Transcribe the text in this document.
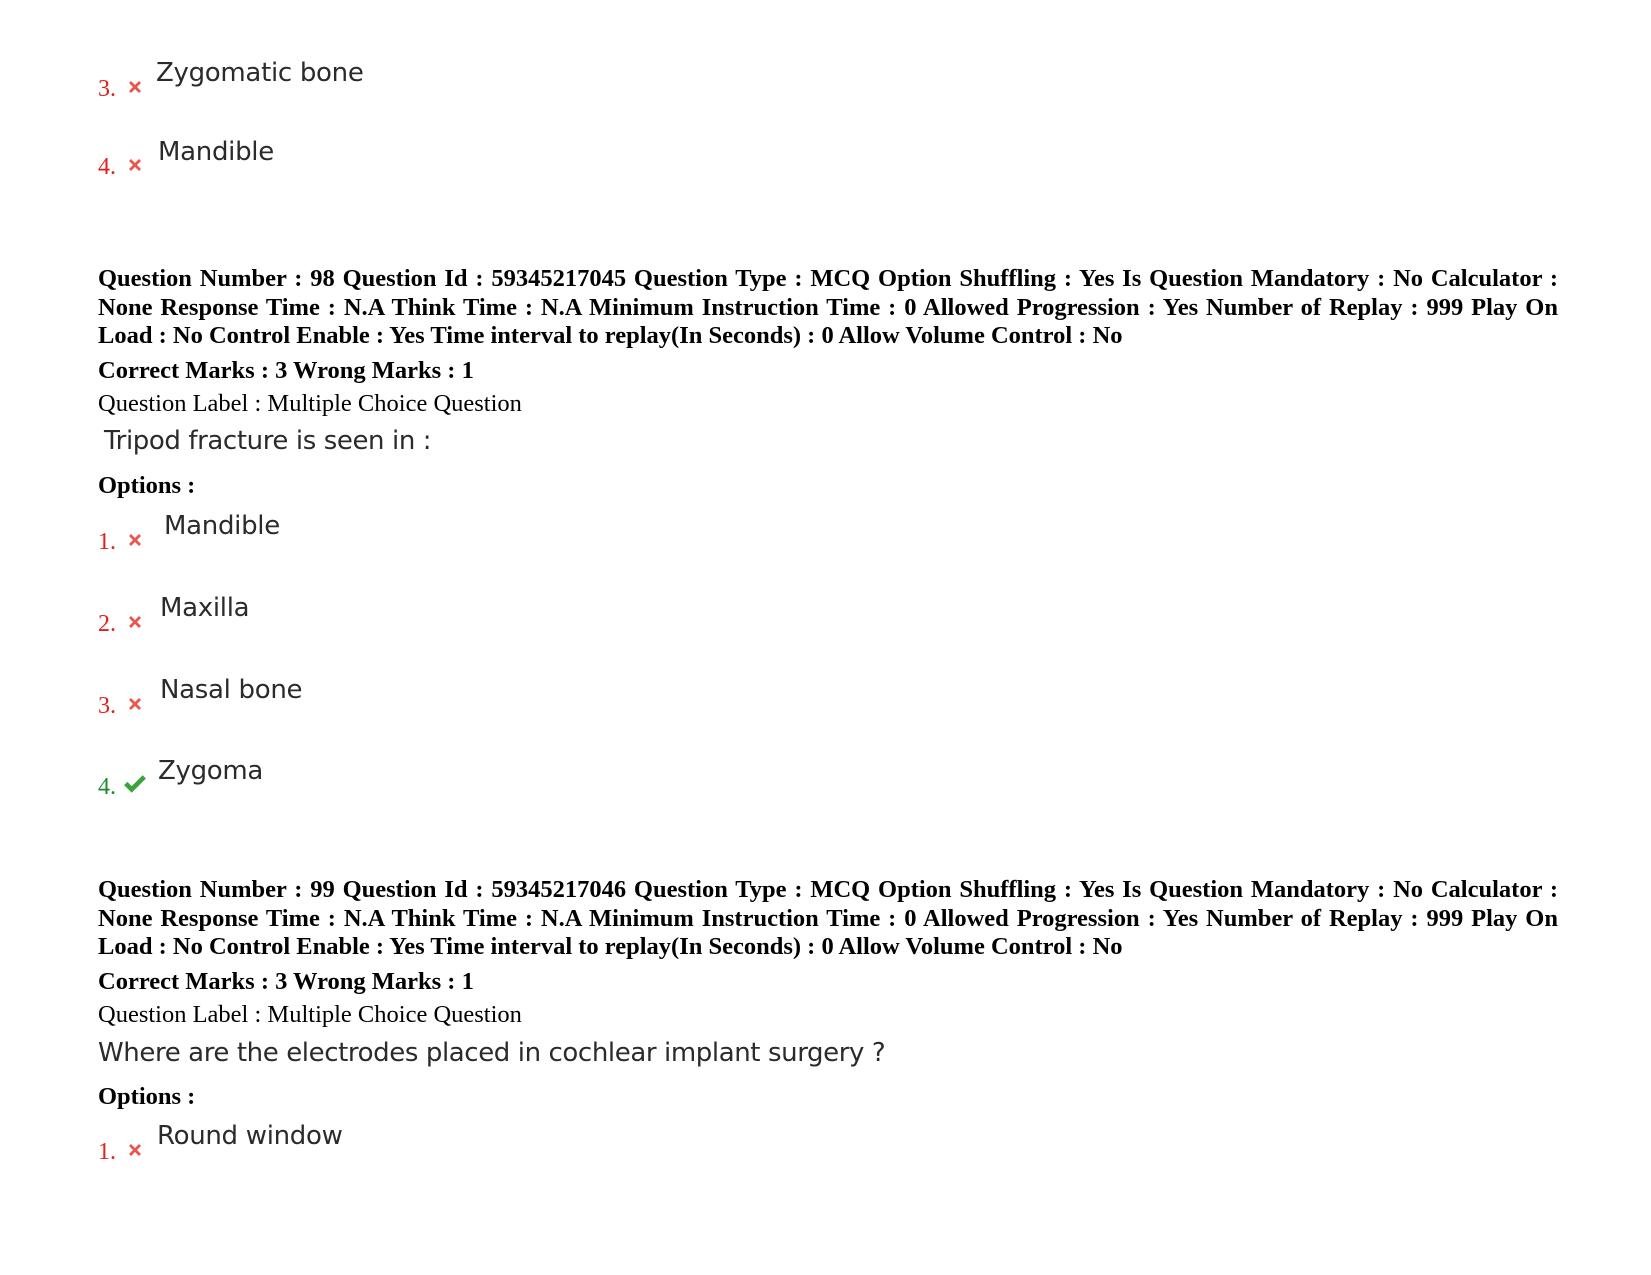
3.
Zygomatic bone
4. Mandible
Question Number : 98 Question Id : 59345217045 Question Type : MCQ Option Shuffling : Yes Is Question Mandatory : No Calculator : None Response Time : N.A Think Time : N.A Minimum Instruction Time : 0 Allowed Progression : Yes Number of Replay : 999 Play On Load : No Control Enable : Yes Time interval to replay(In Seconds) : 0 Allow Volume Control : No
Correct Marks : 3 Wrong Marks : 1
Question Label : Multiple Choice Question
Tripod fracture is seen in :
Options :
1.
Mandible
2.
Maxilla
3.
Nasal bone
4.
Zygoma
Question Number : 99 Question Id : 59345217046 Question Type : MCQ Option Shuffling : Yes Is Question Mandatory : No Calculator : None Response Time : N.A Think Time : N.A Minimum Instruction Time : 0 Allowed Progression : Yes Number of Replay : 999 Play On Load : No Control Enable : Yes Time interval to replay(In Seconds) : 0 Allow Volume Control : No
Correct Marks : 3 Wrong Marks : 1
Question Label : Multiple Choice Question
Where are the electrodes placed in cochlear implant surgery ?
Options :
1.
Round window
